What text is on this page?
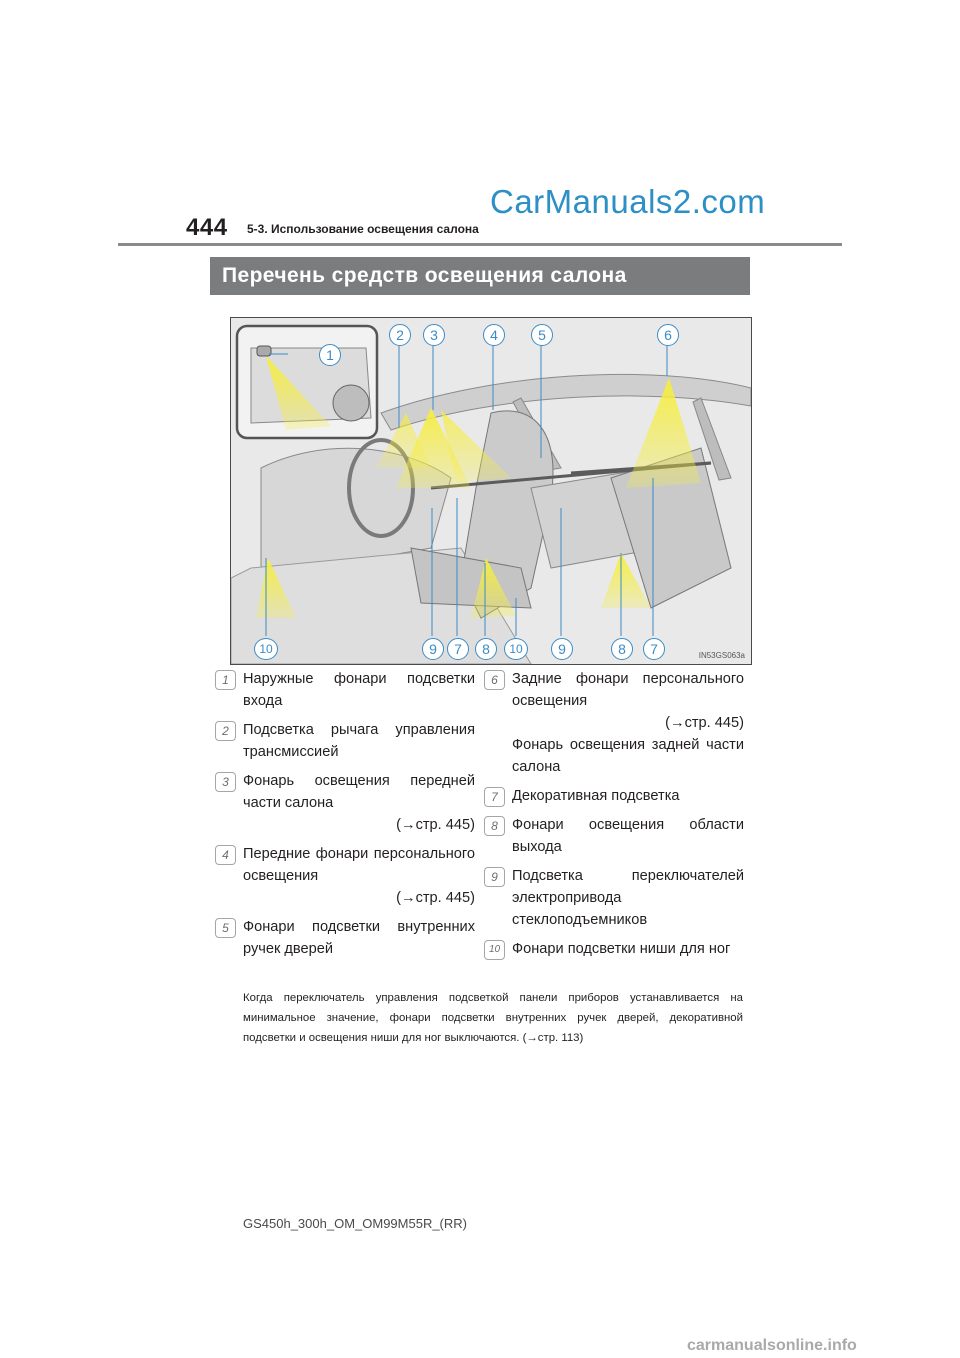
444 5-3. Использование освещения салона
CarManuals2.com
Перечень средств освещения салона
2	3	4	5	6
1
10	9	7	8	10	9	8	7	IN53GS063a
1 Наружные фонари подсветки входа
2 Подсветка рычага управления трансмиссией
3 Фонарь освещения передней части салона
(→стр. 445)
4 Передние фонари персонального освещения
(→стр. 445)
5 Фонари подсветки внутренних ручек дверей
6 Задние фонари персонального освещения
(→стр. 445)
Фонарь освещения задней части салона
7 Декоративная подсветка
8 Фонари освещения области выхода
9 Подсветка переключателей электропривода стеклоподъемников
10 Фонари подсветки ниши для ног
Когда переключатель управления подсветкой панели приборов устанавливается на минимальное значение, фонари подсветки внутренних ручек дверей, декоративной подсветки и освещения ниши для ног выключаются. (→стр. 113)
GS450h_300h_OM_OM99M55R_(RR)
carmanualsonline.info
